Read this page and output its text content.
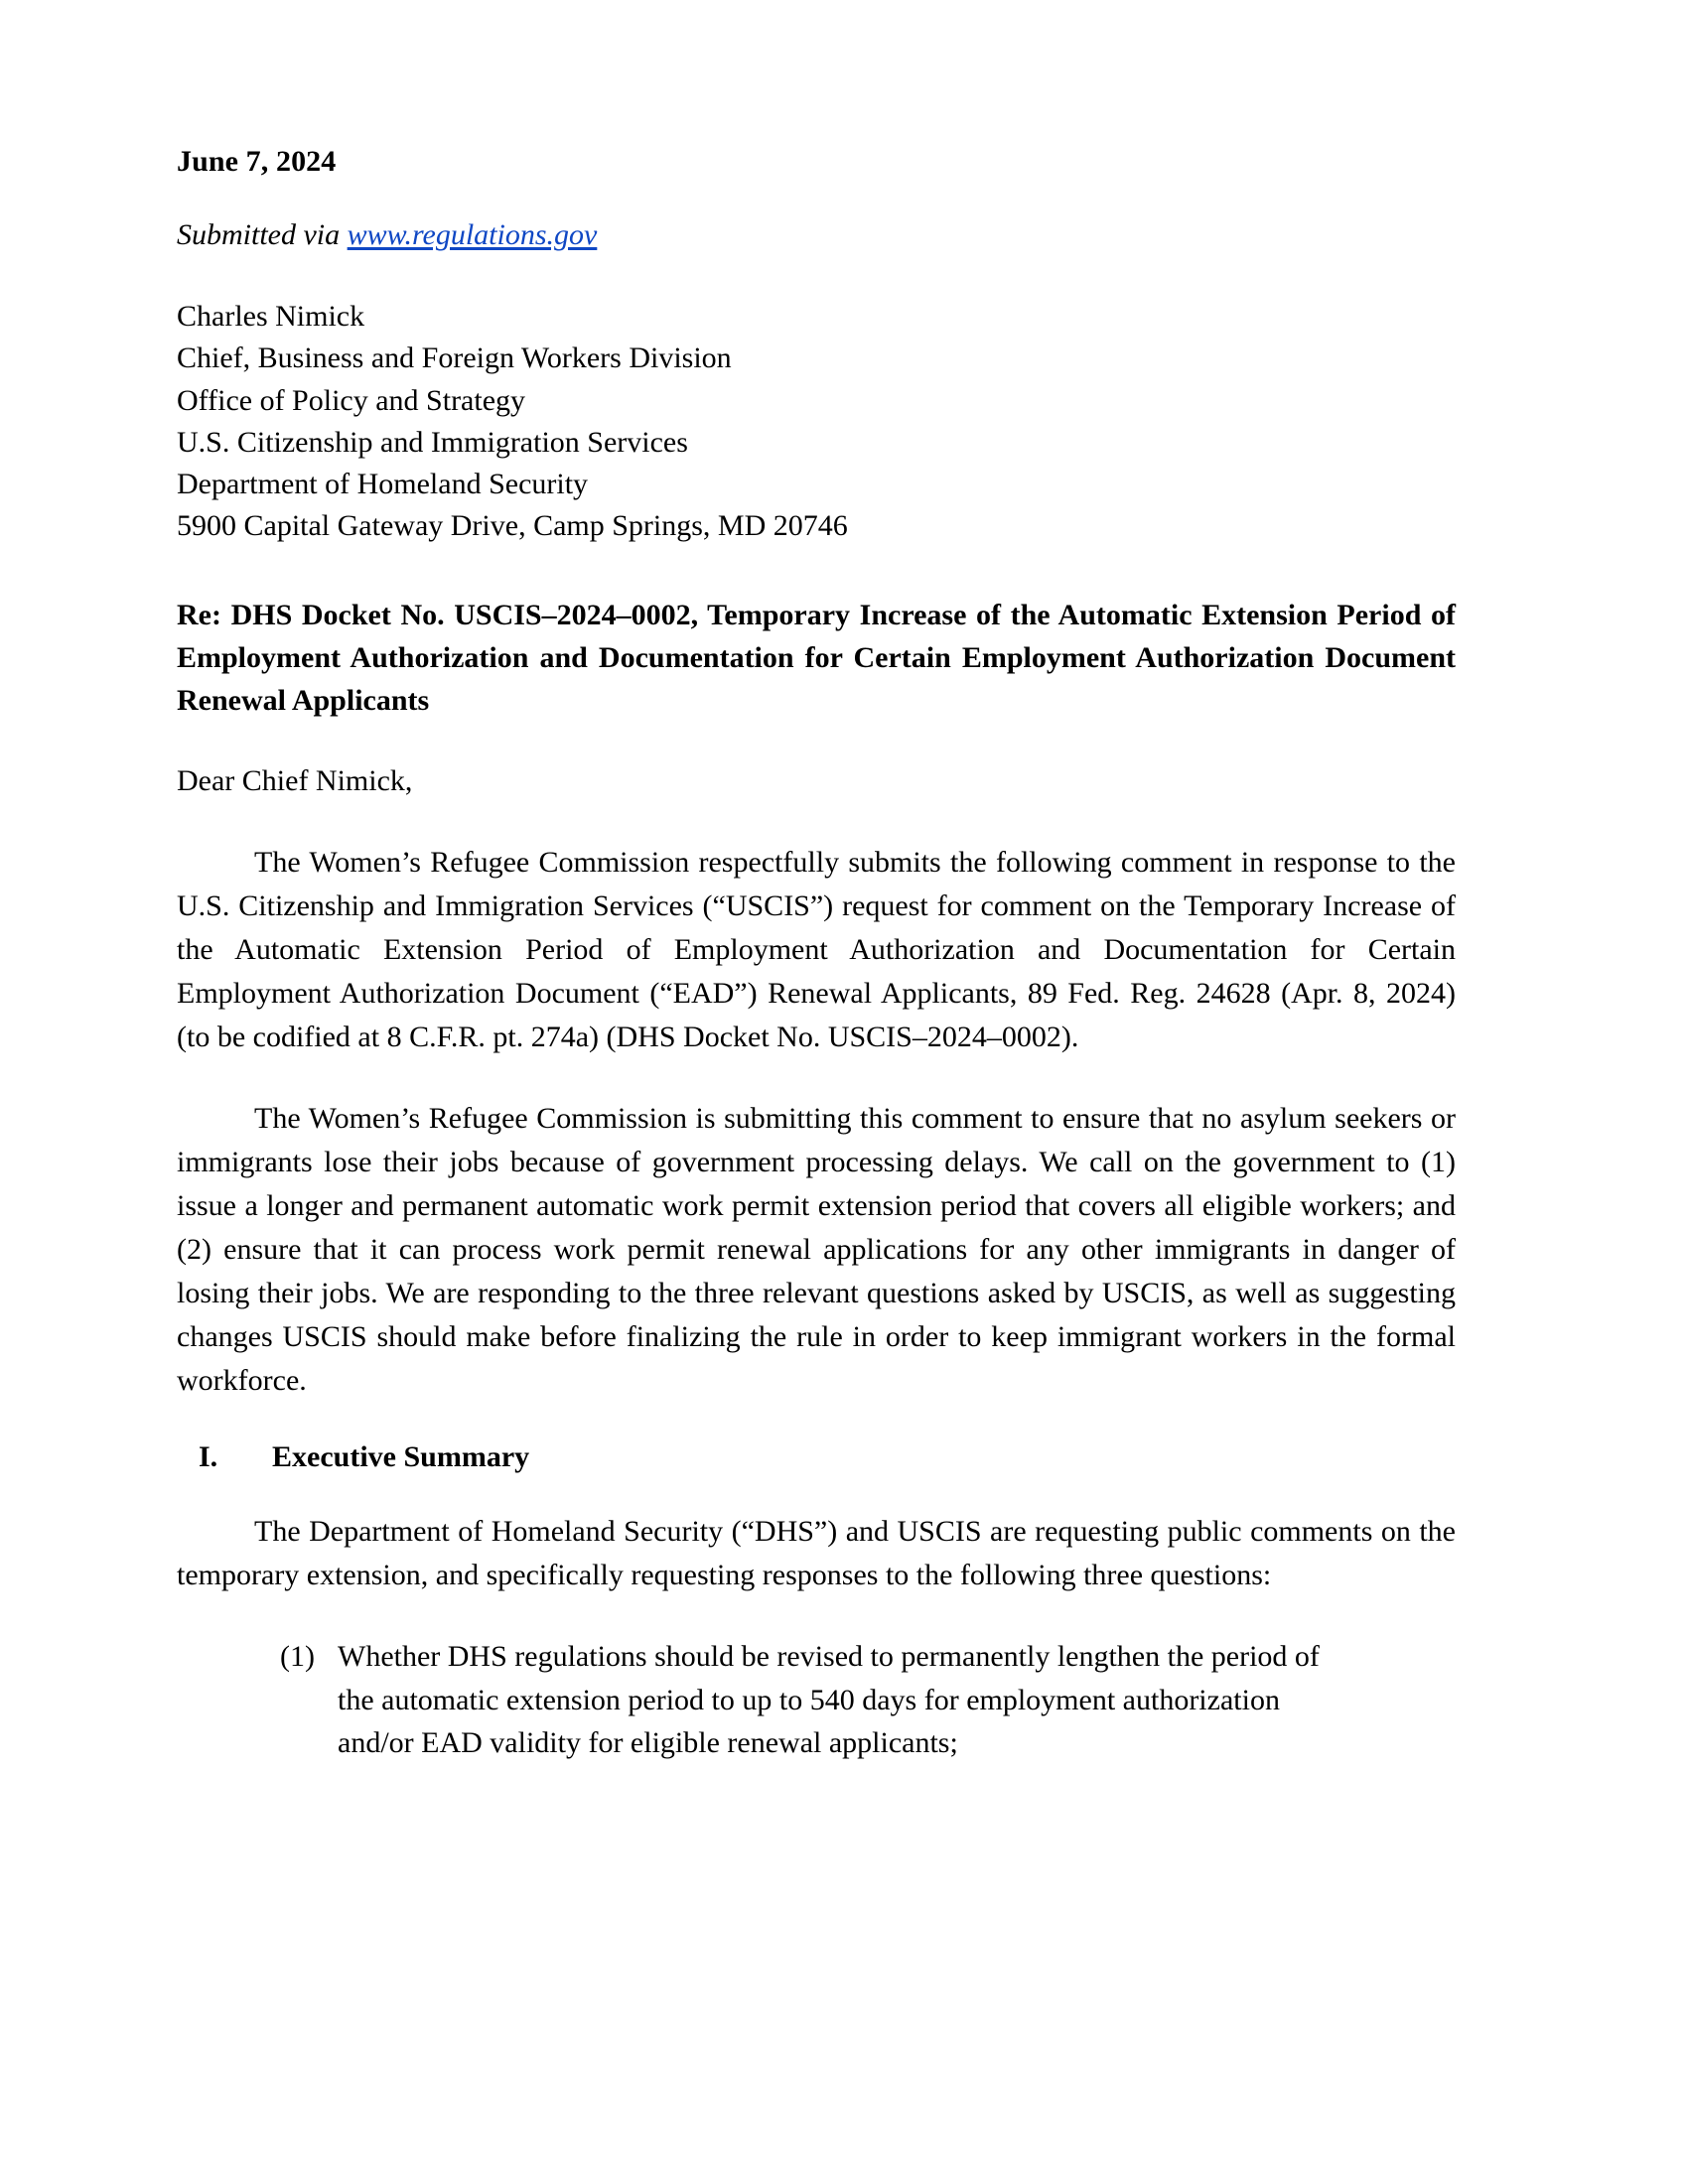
June 7, 2024
Submitted via www.regulations.gov
Charles Nimick
Chief, Business and Foreign Workers Division
Office of Policy and Strategy
U.S. Citizenship and Immigration Services
Department of Homeland Security
5900 Capital Gateway Drive, Camp Springs, MD 20746
Re: DHS Docket No. USCIS–2024–0002, Temporary Increase of the Automatic Extension Period of Employment Authorization and Documentation for Certain Employment Authorization Document Renewal Applicants
Dear Chief Nimick,

The Women’s Refugee Commission respectfully submits the following comment in response to the U.S. Citizenship and Immigration Services (“USCIS”) request for comment on the Temporary Increase of the Automatic Extension Period of Employment Authorization and Documentation for Certain Employment Authorization Document (“EAD”) Renewal Applicants, 89 Fed. Reg. 24628 (Apr. 8, 2024) (to be codified at 8 C.F.R. pt. 274a) (DHS Docket No. USCIS–2024–0002).

The Women’s Refugee Commission is submitting this comment to ensure that no asylum seekers or immigrants lose their jobs because of government processing delays. We call on the government to (1) issue a longer and permanent automatic work permit extension period that covers all eligible workers; and (2) ensure that it can process work permit renewal applications for any other immigrants in danger of losing their jobs. We are responding to the three relevant questions asked by USCIS, as well as suggesting changes USCIS should make before finalizing the rule in order to keep immigrant workers in the formal workforce.

I.	Executive Summary

The Department of Homeland Security (“DHS”) and USCIS are requesting public comments on the temporary extension, and specifically requesting responses to the following three questions:

(1) Whether DHS regulations should be revised to permanently lengthen the period of
the automatic extension period to up to 540 days for employment authorization
and/or EAD validity for eligible renewal applicants;
